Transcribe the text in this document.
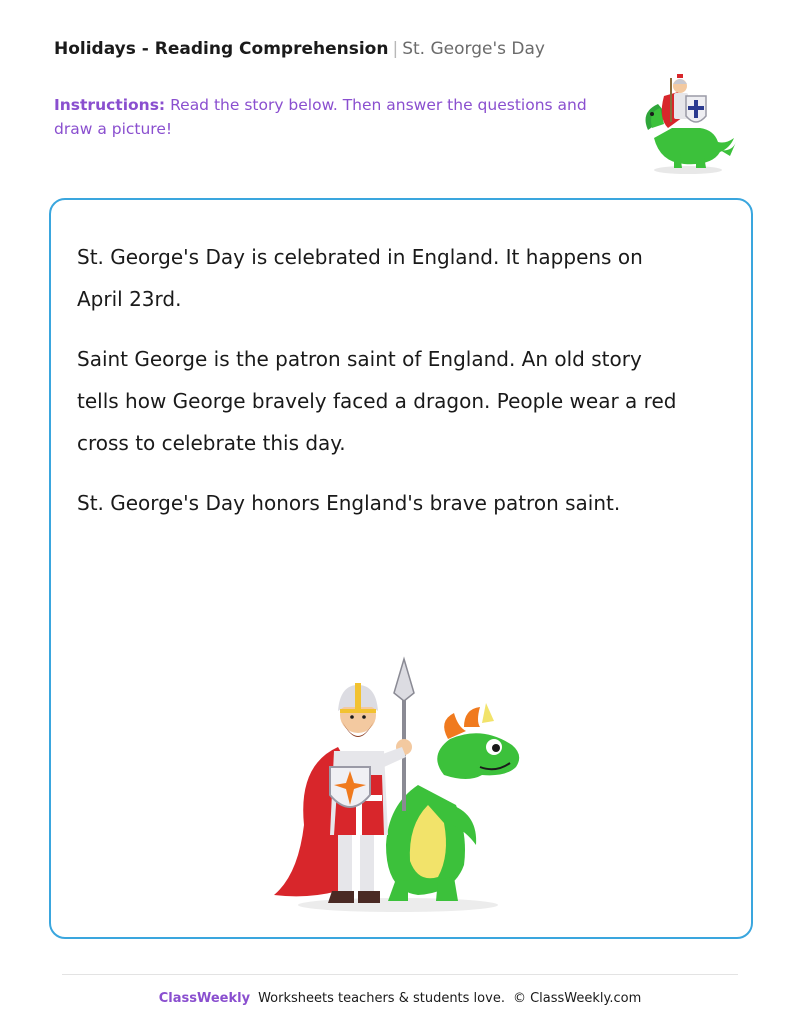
Holidays - Reading Comprehension | St. George's Day
Instructions: Read the story below. Then answer the questions and draw a picture!

St. George's Day is celebrated in England. It happens on April 23rd.

Saint George is the patron saint of England. An old story tells how George bravely faced a dragon. People wear a red cross to celebrate this day.

St. George's Day honors England's brave patron saint.

ClassWeekly Worksheets teachers & students love. © ClassWeekly.com
